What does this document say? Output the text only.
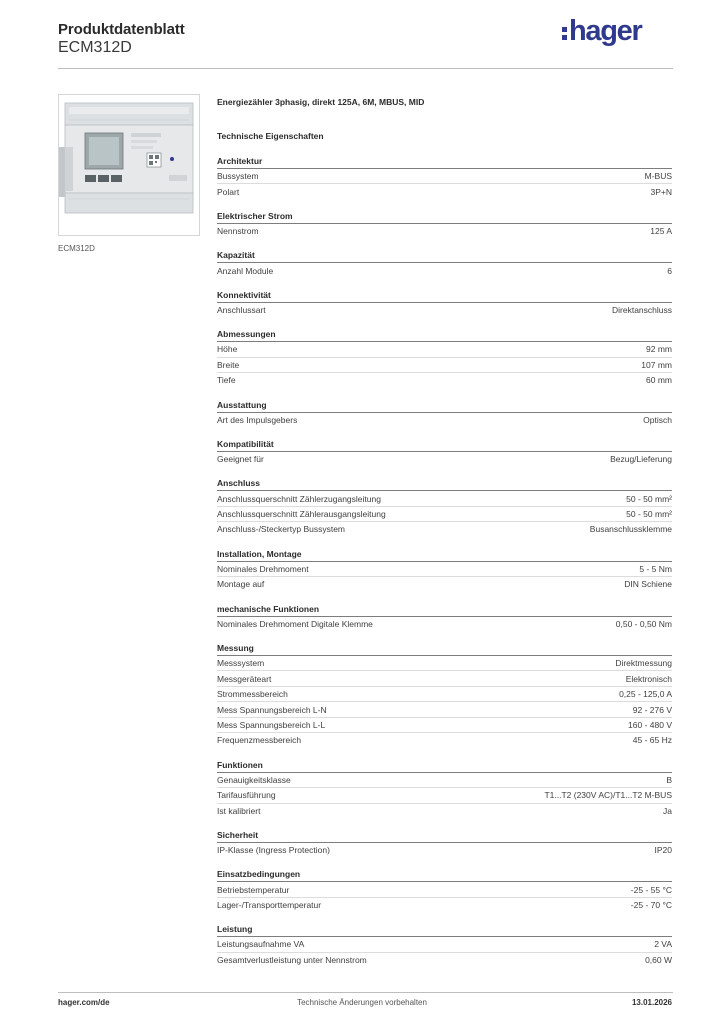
Produktdatenblatt
ECM312D
hager
ECM312D
Energiezähler 3phasig, direkt 125A, 6M, MBUS, MID
Technische Eigenschaften
Architektur
Bussystem	M-BUS
Polart	3P+N
Elektrischer Strom
Nennstrom	125 A
Kapazität
Anzahl Module	6
Konnektivität
Anschlussart	Direktanschluss
Abmessungen
Höhe	92 mm
Breite	107 mm
Tiefe	60 mm
Ausstattung
Art des Impulsgebers	Optisch
Kompatibilität
Geeignet für	Bezug/Lieferung
Anschluss
Anschlussquerschnitt Zählerzugangsleitung	50 - 50 mm²
Anschlussquerschnitt Zählerausgangsleitung	50 - 50 mm²
Anschluss-/Steckertyp Bussystem	Busanschlussklemme
Installation, Montage
Nominales Drehmoment	5 - 5 Nm
Montage auf	DIN Schiene
mechanische Funktionen
Nominales Drehmoment Digitale Klemme	0,50 - 0,50 Nm
Messung
Messsystem	Direktmessung
Messgeräteart	Elektronisch
Strommessbereich	0,25 - 125,0 A
Mess Spannungsbereich L-N	92 - 276 V
Mess Spannungsbereich L-L	160 - 480 V
Frequenzmessbereich	45 - 65 Hz
Funktionen
Genauigkeitsklasse	B
Tarifausführung	T1...T2 (230V AC)/T1...T2 M-BUS
Ist kalibriert	Ja
Sicherheit
IP-Klasse (Ingress Protection)	IP20
Einsatzbedingungen
Betriebstemperatur	-25 - 55 °C
Lager-/Transporttemperatur	-25 - 70 °C
Leistung
Leistungsaufnahme VA	2 VA
Gesamtverlustleistung unter Nennstrom	0,60 W
Technische Änderungen vorbehalten
hager.com/de	13.01.2026
